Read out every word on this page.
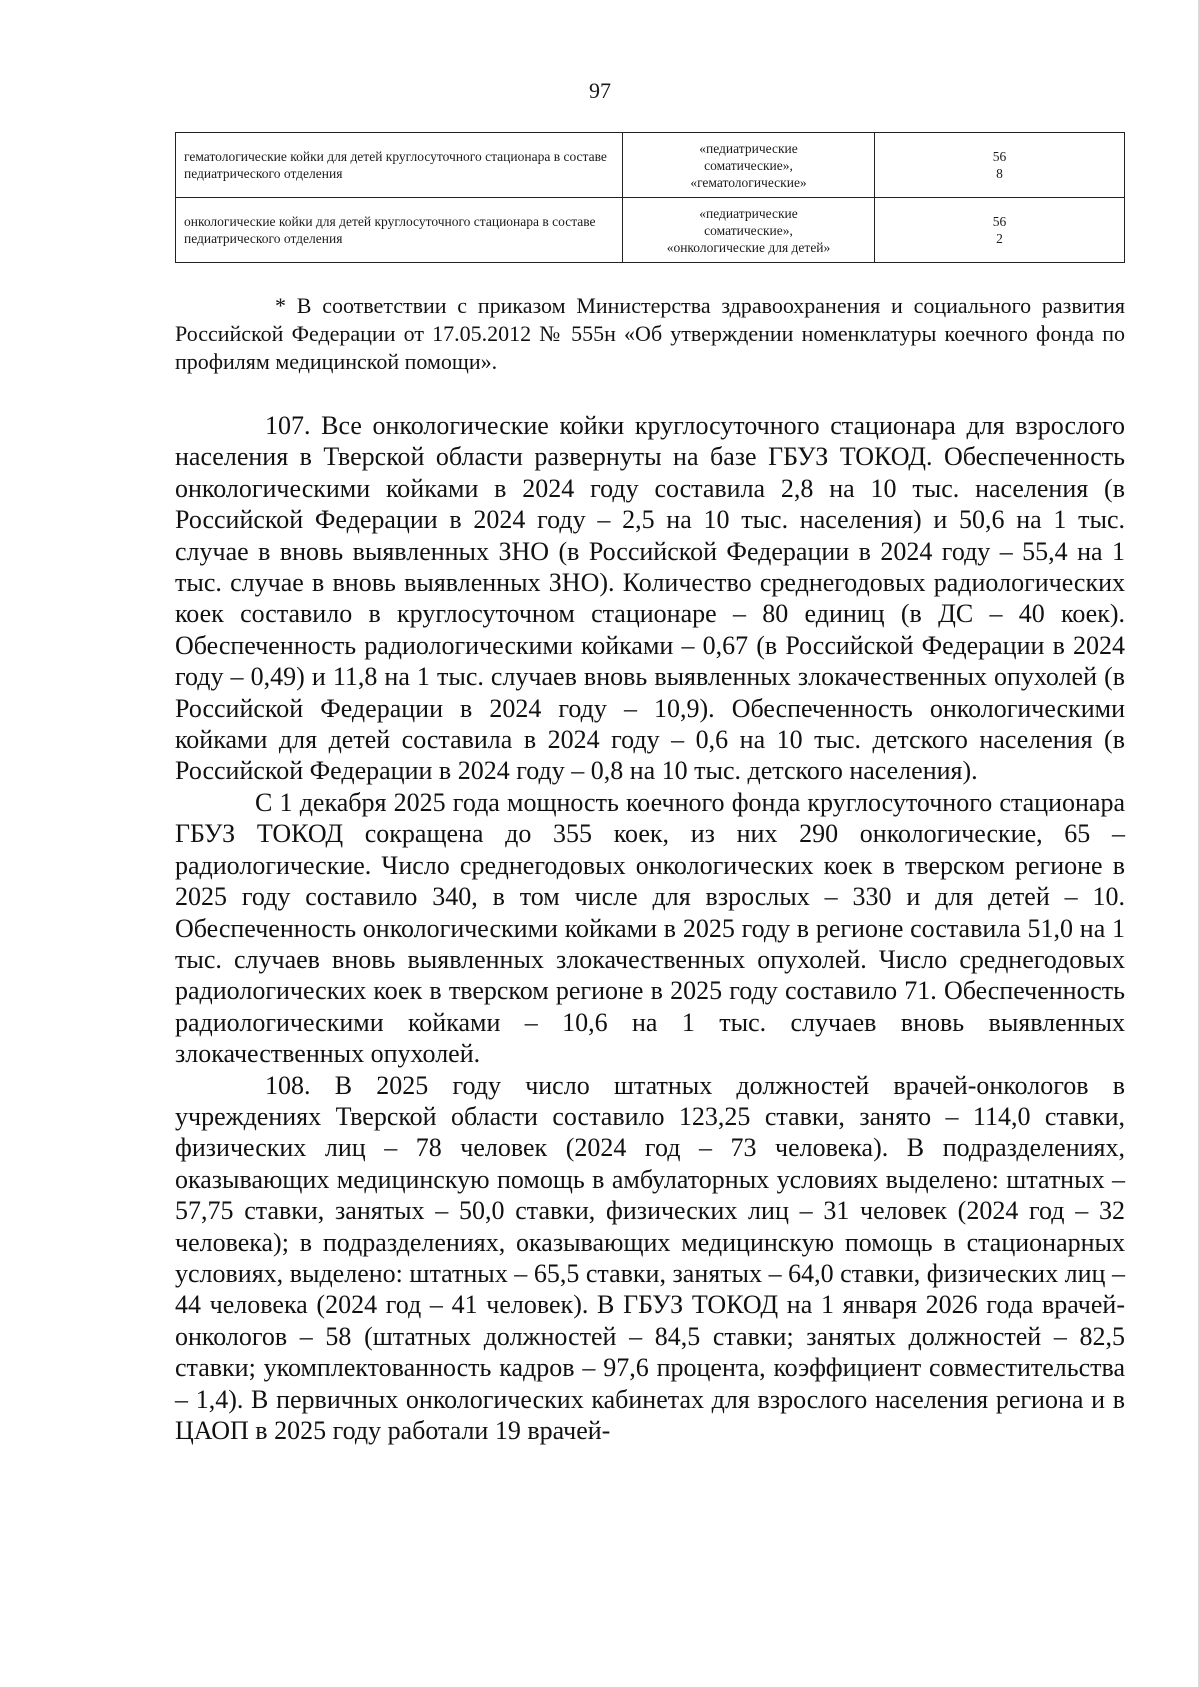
97
гематологические койки для детей круглосуточного стационара в составе педиатрического отделения	«педиатрические
соматические»,
«гематологические»	56
8

онкологические койки для детей круглосуточного стационара в составе педиатрического отделения	«педиатрические
соматические»,
«онкологические для детей»	56
2

* В соответствии с приказом Министерства здравоохранения и социального развития Российской Федерации от 17.05.2012 № 555н «Об утверждении номенклатуры коечного фонда по профилям медицинской помощи».

107. Все онкологические койки круглосуточного стационара для взрослого населения в Тверской области развернуты на базе ГБУЗ ТОКОД. Обеспеченность онкологическими койками в 2024 году составила 2,8 на 10 тыс. населения (в Российской Федерации в 2024 году – 2,5 на 10 тыс. населения) и 50,6 на 1 тыс. случае в вновь выявленных ЗНО (в Российской Федерации в 2024 году – 55,4 на 1 тыс. случае в вновь выявленных ЗНО). Количество среднегодовых радиологических коек составило в круглосуточном стационаре – 80 единиц (в ДС – 40 коек). Обеспеченность радиологическими койками – 0,67 (в Российской Федерации в 2024 году – 0,49) и 11,8 на 1 тыс. случаев вновь выявленных злокачественных опухолей (в Российской Федерации в 2024 году – 10,9). Обеспеченность онкологическими койками для детей составила в 2024 году – 0,6 на 10 тыс. детского населения (в Российской Федерации в 2024 году – 0,8 на 10 тыс. детского населения).

С 1 декабря 2025 года мощность коечного фонда круглосуточного стационара ГБУЗ ТОКОД сокращена до 355 коек, из них 290 онкологические, 65 – радиологические. Число среднегодовых онкологических коек в тверском регионе в 2025 году составило 340, в том числе для взрослых – 330 и для детей – 10. Обеспеченность онкологическими койками в 2025 году в регионе составила 51,0 на 1 тыс. случаев вновь выявленных злокачественных опухолей. Число среднегодовых радиологических коек в тверском регионе в 2025 году составило 71. Обеспеченность радиологическими койками – 10,6 на 1 тыс. случаев вновь выявленных злокачественных опухолей.

108. В 2025 году число штатных должностей врачей-онкологов в учреждениях Тверской области составило 123,25 ставки, занято – 114,0 ставки, физических лиц – 78 человек (2024 год – 73 человека). В подразделениях, оказывающих медицинскую помощь в амбулаторных условиях выделено: штатных – 57,75 ставки, занятых – 50,0 ставки, физических лиц – 31 человек (2024 год – 32 человека); в подразделениях, оказывающих медицинскую помощь в стационарных условиях, выделено: штатных – 65,5 ставки, занятых – 64,0 ставки, физических лиц – 44 человека (2024 год – 41 человек). В ГБУЗ ТОКОД на 1 января 2026 года врачей-онкологов – 58 (штатных должностей – 84,5 ставки; занятых должностей – 82,5 ставки; укомплектованность кадров – 97,6 процента, коэффициент совместительства – 1,4). В первичных онкологических кабинетах для взрослого населения региона и в ЦАОП в 2025 году работали 19 врачей-
